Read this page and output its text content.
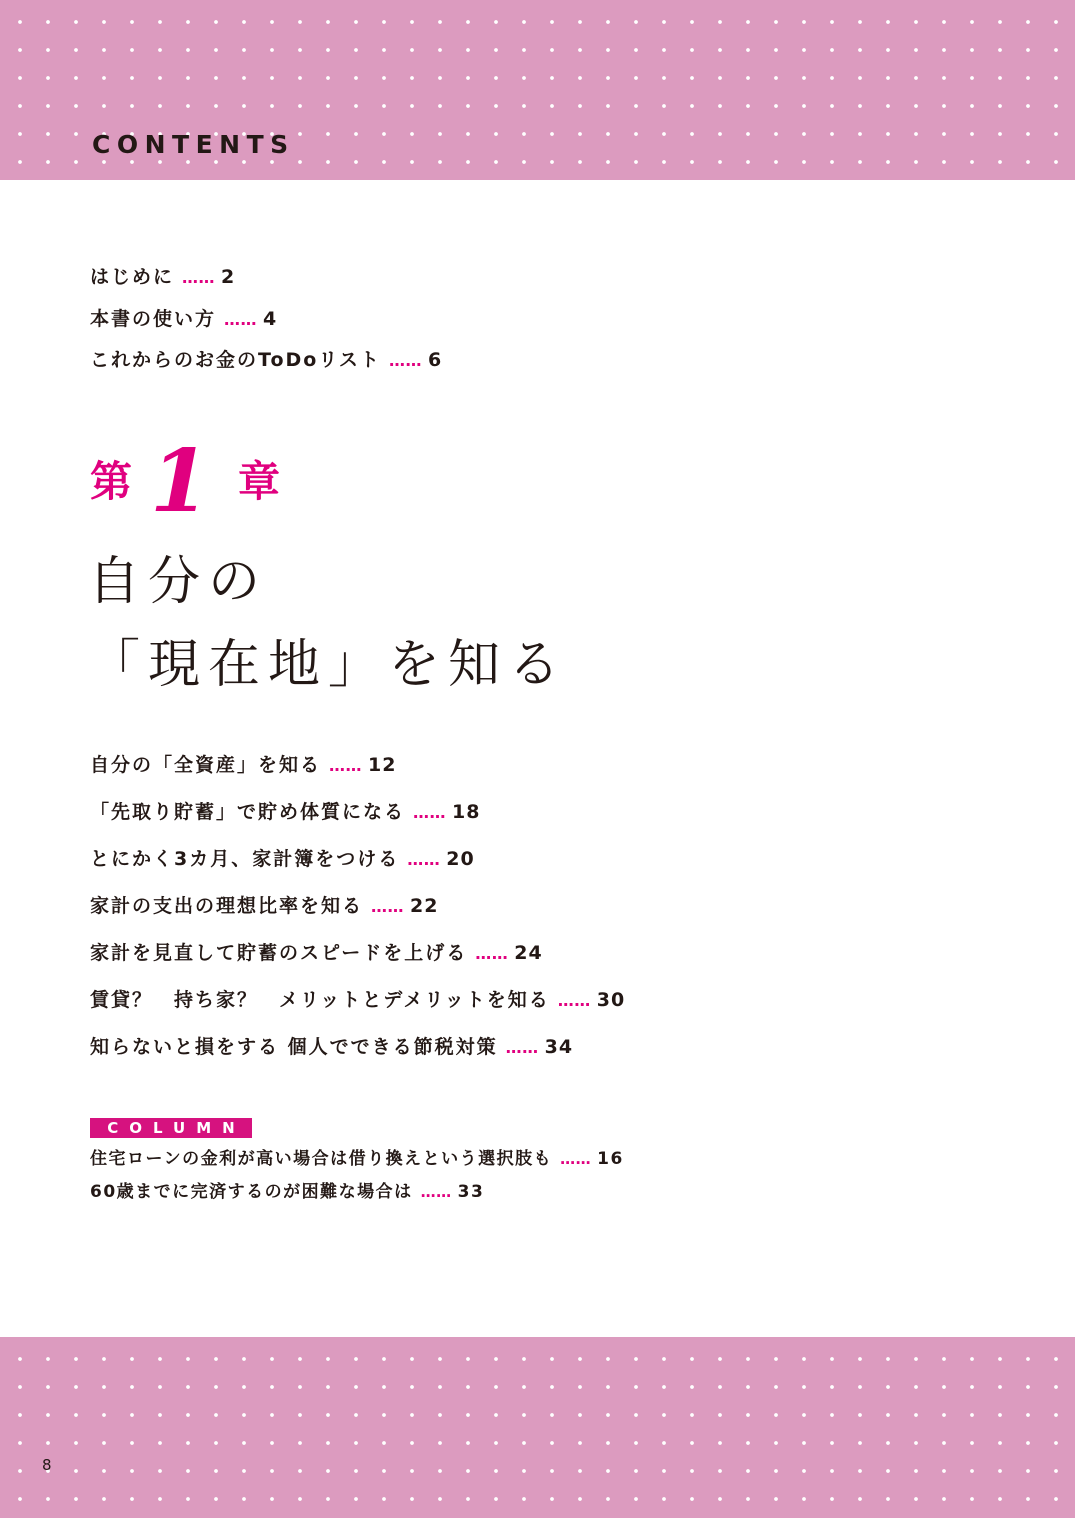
CONTENTS
はじめに …… 2
本書の使い方 …… 4
これからのお金のToDoリスト …… 6
第 1 章
自分の
「現在地」を知る
自分の「全資産」を知る …… 12
「先取り貯蓄」で貯め体質になる …… 18
とにかく3カ月、家計簿をつける …… 20
家計の支出の理想比率を知る …… 22
家計を見直して貯蓄のスピードを上げる …… 24
賃貸？　持ち家？　メリットとデメリットを知る …… 30
知らないと損をする 個人でできる節税対策 …… 34
COLUMN
住宅ローンの金利が高い場合は借り換えという選択肢も …… 16
60歳までに完済するのが困難な場合は …… 33
8
